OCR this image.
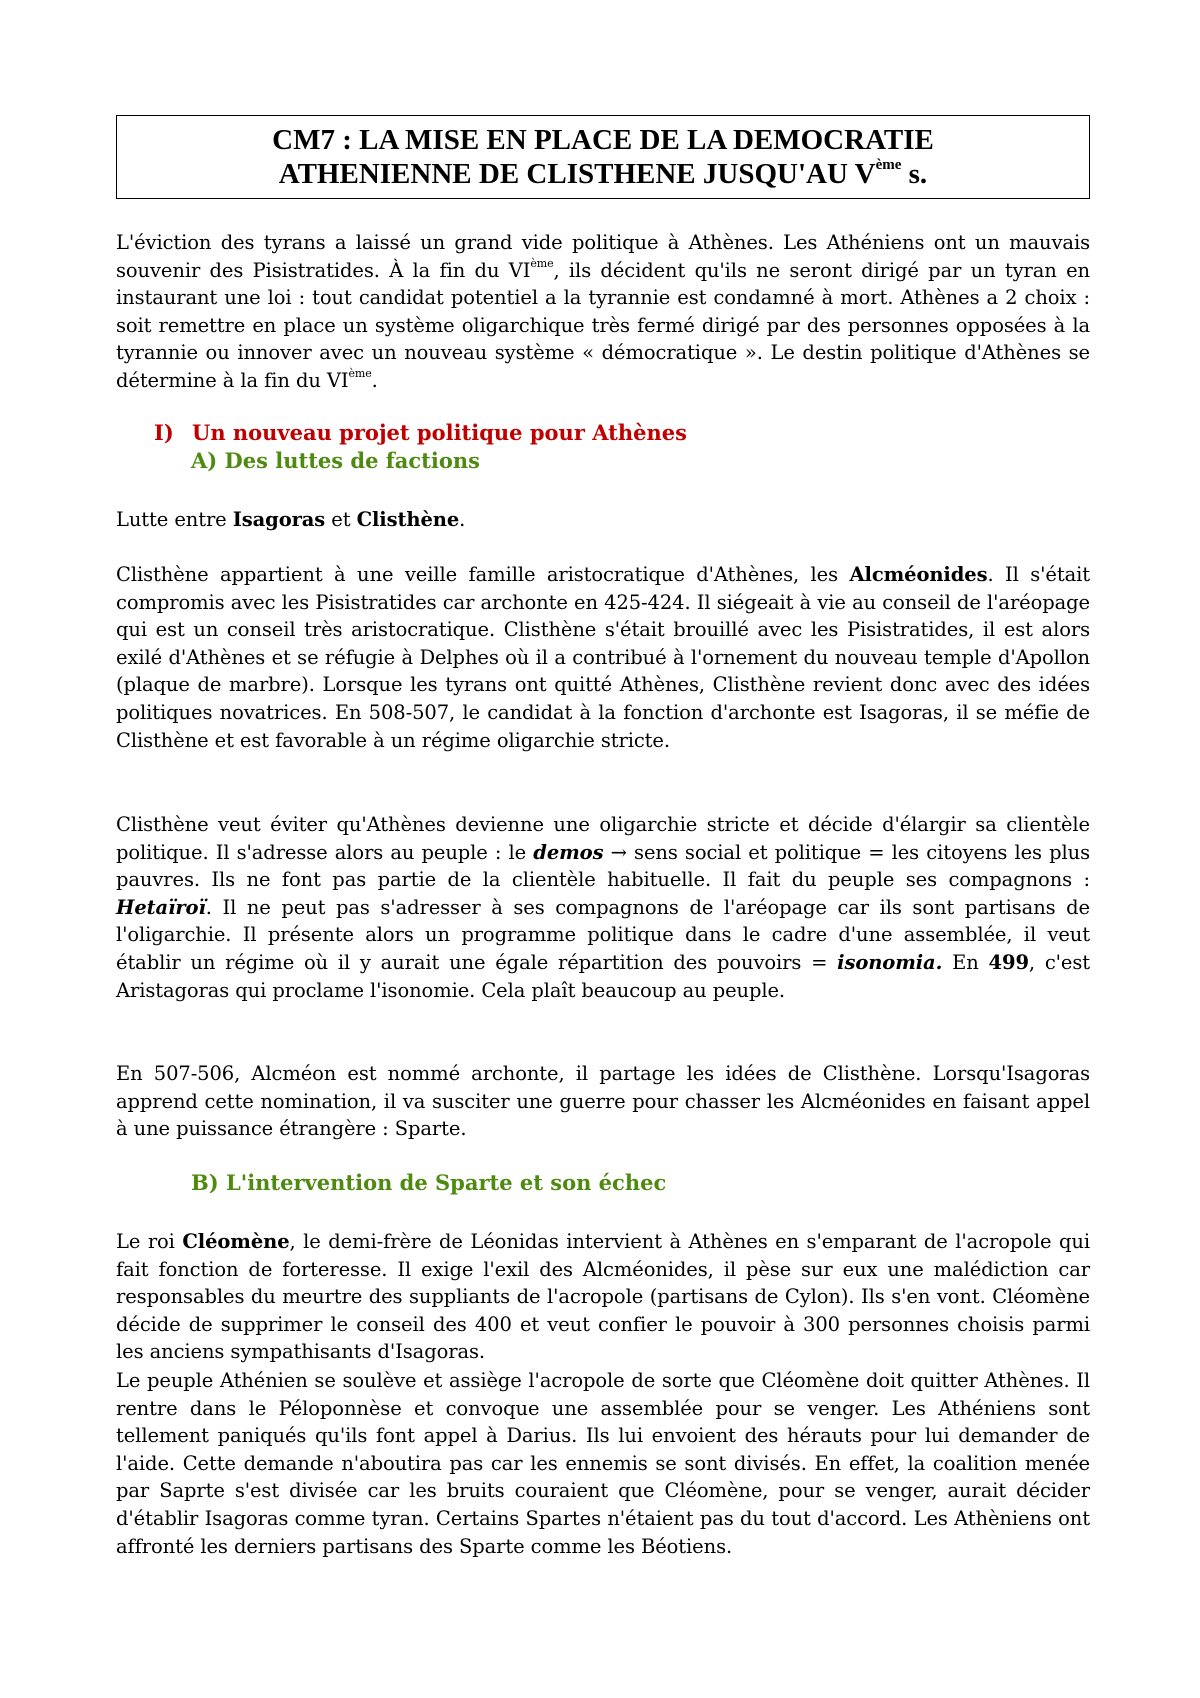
CM7 : LA MISE EN PLACE DE LA DEMOCRATIE
ATHENIENNE DE CLISTHENE JUSQU'AU Vème s.
L'éviction des tyrans a laissé un grand vide politique à Athènes. Les Athéniens ont un mauvais souvenir des Pisistratides. À la fin du VIème, ils décident qu'ils ne seront dirigé par un tyran en instaurant une loi : tout candidat potentiel a la tyrannie est condamné à mort. Athènes a 2 choix : soit remettre en place un système oligarchique très fermé dirigé par des personnes opposées à la tyrannie ou innover avec un nouveau système « démocratique ». Le destin politique d'Athènes se détermine à la fin du VIème.
I) Un nouveau projet politique pour Athènes
A) Des luttes de factions
Lutte entre Isagoras et Clisthène.
Clisthène appartient à une veille famille aristocratique d'Athènes, les Alcméonides. Il s'était compromis avec les Pisistratides car archonte en 425-424. Il siégeait à vie au conseil de l'aréopage qui est un conseil très aristocratique. Clisthène s'était brouillé avec les Pisistratides, il est alors exilé d'Athènes et se réfugie à Delphes où il a contribué à l'ornement du nouveau temple d'Apollon (plaque de marbre). Lorsque les tyrans ont quitté Athènes, Clisthène revient donc avec des idées politiques novatrices. En 508-507, le candidat à la fonction d'archonte est Isagoras, il se méfie de Clisthène et est favorable à un régime oligarchie stricte.
Clisthène veut éviter qu'Athènes devienne une oligarchie stricte et décide d'élargir sa clientèle politique. Il s'adresse alors au peuple : le demos → sens social et politique = les citoyens les plus pauvres. Ils ne font pas partie de la clientèle habituelle. Il fait du peuple ses compagnons : Hetaïroï. Il ne peut pas s'adresser à ses compagnons de l'aréopage car ils sont partisans de l'oligarchie. Il présente alors un programme politique dans le cadre d'une assemblée, il veut établir un régime où il y aurait une égale répartition des pouvoirs = isonomia. En 499, c'est Aristagoras qui proclame l'isonomie. Cela plaît beaucoup au peuple.
En 507-506, Alcméon est nommé archonte, il partage les idées de Clisthène. Lorsqu'Isagoras apprend cette nomination, il va susciter une guerre pour chasser les Alcméonides en faisant appel à une puissance étrangère : Sparte.
B) L'intervention de Sparte et son échec
Le roi Cléomène, le demi-frère de Léonidas intervient à Athènes en s'emparant de l'acropole qui fait fonction de forteresse. Il exige l'exil des Alcméonides, il pèse sur eux une malédiction car responsables du meurtre des suppliants de l'acropole (partisans de Cylon). Ils s'en vont. Cléomène décide de supprimer le conseil des 400 et veut confier le pouvoir à 300 personnes choisis parmi les anciens sympathisants d'Isagoras.
Le peuple Athénien se soulève et assiège l'acropole de sorte que Cléomène doit quitter Athènes. Il rentre dans le Péloponnèse et convoque une assemblée pour se venger. Les Athéniens sont tellement paniqués qu'ils font appel à Darius. Ils lui envoient des hérauts pour lui demander de l'aide. Cette demande n'aboutira pas car les ennemis se sont divisés. En effet, la coalition menée par Saprte s'est divisée car les bruits couraient que Cléomène, pour se venger, aurait décider d'établir Isagoras comme tyran. Certains Spartes n'étaient pas du tout d'accord. Les Athèniens ont affronté les derniers partisans des Sparte comme les Béotiens.
